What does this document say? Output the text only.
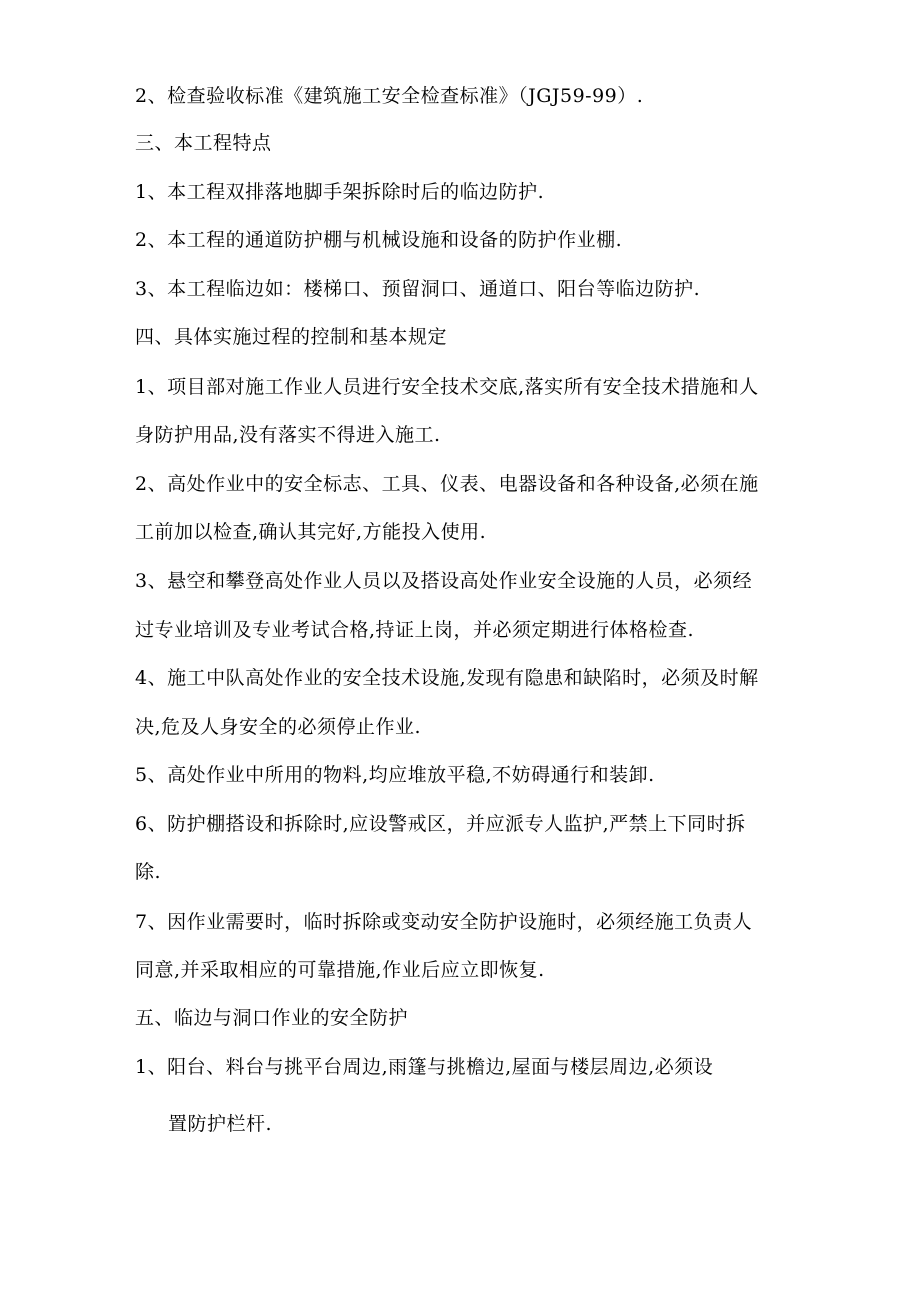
2、检查验收标准《建筑施工安全检查标准》（JGJ59-99）.
三、本工程特点
1、本工程双排落地脚手架拆除时后的临边防护.
2、本工程的通道防护棚与机械设施和设备的防护作业棚.
3、本工程临边如：楼梯口、预留洞口、通道口、阳台等临边防护.
四、具体实施过程的控制和基本规定
1、项目部对施工作业人员进行安全技术交底,落实所有安全技术措施和人
身防护用品,没有落实不得进入施工.
2、高处作业中的安全标志、工具、仪表、电器设备和各种设备,必须在施
工前加以检查,确认其完好,方能投入使用.
3、悬空和攀登高处作业人员以及搭设高处作业安全设施的人员，必须经
过专业培训及专业考试合格,持证上岗，并必须定期进行体格检查.
4、施工中队高处作业的安全技术设施,发现有隐患和缺陷时，必须及时解
决,危及人身安全的必须停止作业.
5、高处作业中所用的物料,均应堆放平稳,不妨碍通行和装卸.
6、防护棚搭设和拆除时,应设警戒区，并应派专人监护,严禁上下同时拆
除.
7、因作业需要时，临时拆除或变动安全防护设施时，必须经施工负责人
同意,并采取相应的可靠措施,作业后应立即恢复.
五、临边与洞口作业的安全防护
1、阳台、料台与挑平台周边,雨篷与挑檐边,屋面与楼层周边,必须设
置防护栏杆.
